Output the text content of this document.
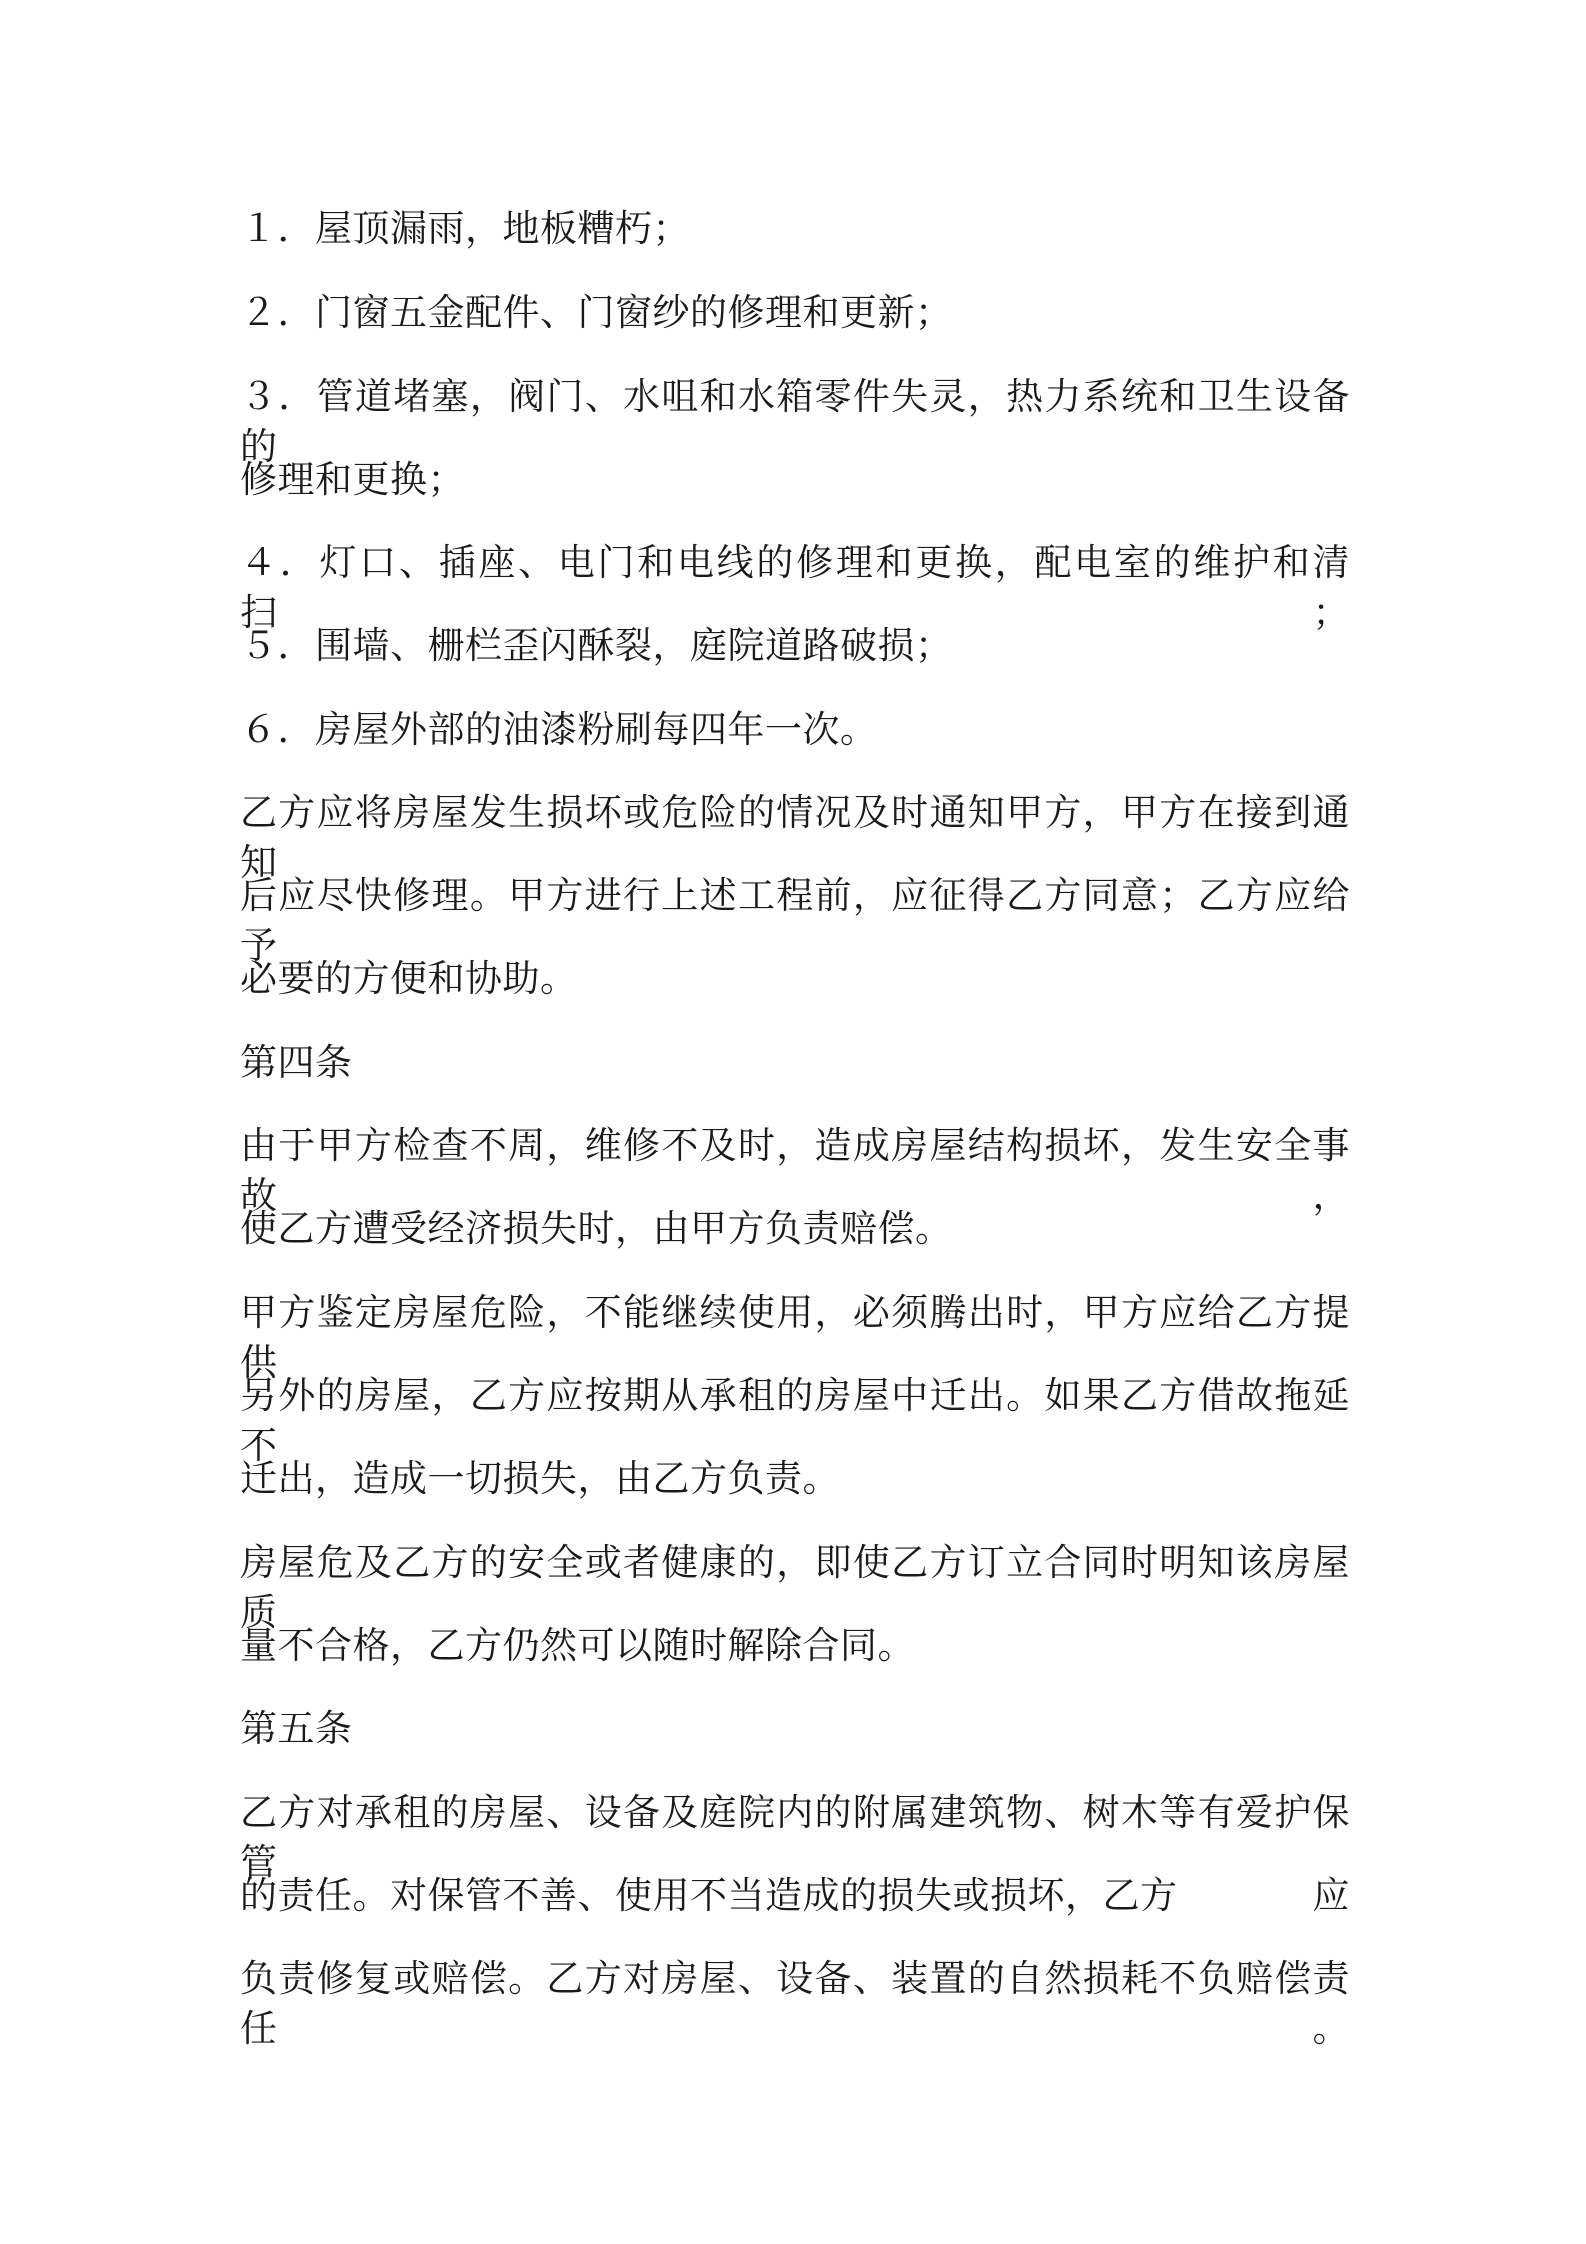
１．屋顶漏雨，地板糟朽；
２．门窗五金配件、门窗纱的修理和更新；
３．管道堵塞，阀门、水咀和水箱零件失灵，热力系统和卫生设备的
修理和更换；
４．灯口、插座、电门和电线的修理和更换，配电室的维护和清扫；
５．围墙、栅栏歪闪酥裂，庭院道路破损；
６．房屋外部的油漆粉刷每四年一次。
乙方应将房屋发生损坏或危险的情况及时通知甲方，甲方在接到通知
后应尽快修理。甲方进行上述工程前，应征得乙方同意；乙方应给予
必要的方便和协助。
第四条
由于甲方检查不周，维修不及时，造成房屋结构损坏，发生安全事故，
使乙方遭受经济损失时，由甲方负责赔偿。
甲方鉴定房屋危险，不能继续使用，必须腾出时，甲方应给乙方提供
另外的房屋，乙方应按期从承租的房屋中迁出。如果乙方借故拖延不
迁出，造成一切损失，由乙方负责。
房屋危及乙方的安全或者健康的，即使乙方订立合同时明知该房屋质
量不合格，乙方仍然可以随时解除合同。
第五条
乙方对承租的房屋、设备及庭院内的附属建筑物、树木等有爱护保管
的责任。对保管不善、使用不当造成的损失或损坏，乙方	应
负责修复或赔偿。乙方对房屋、设备、装置的自然损耗不负赔偿责任。
